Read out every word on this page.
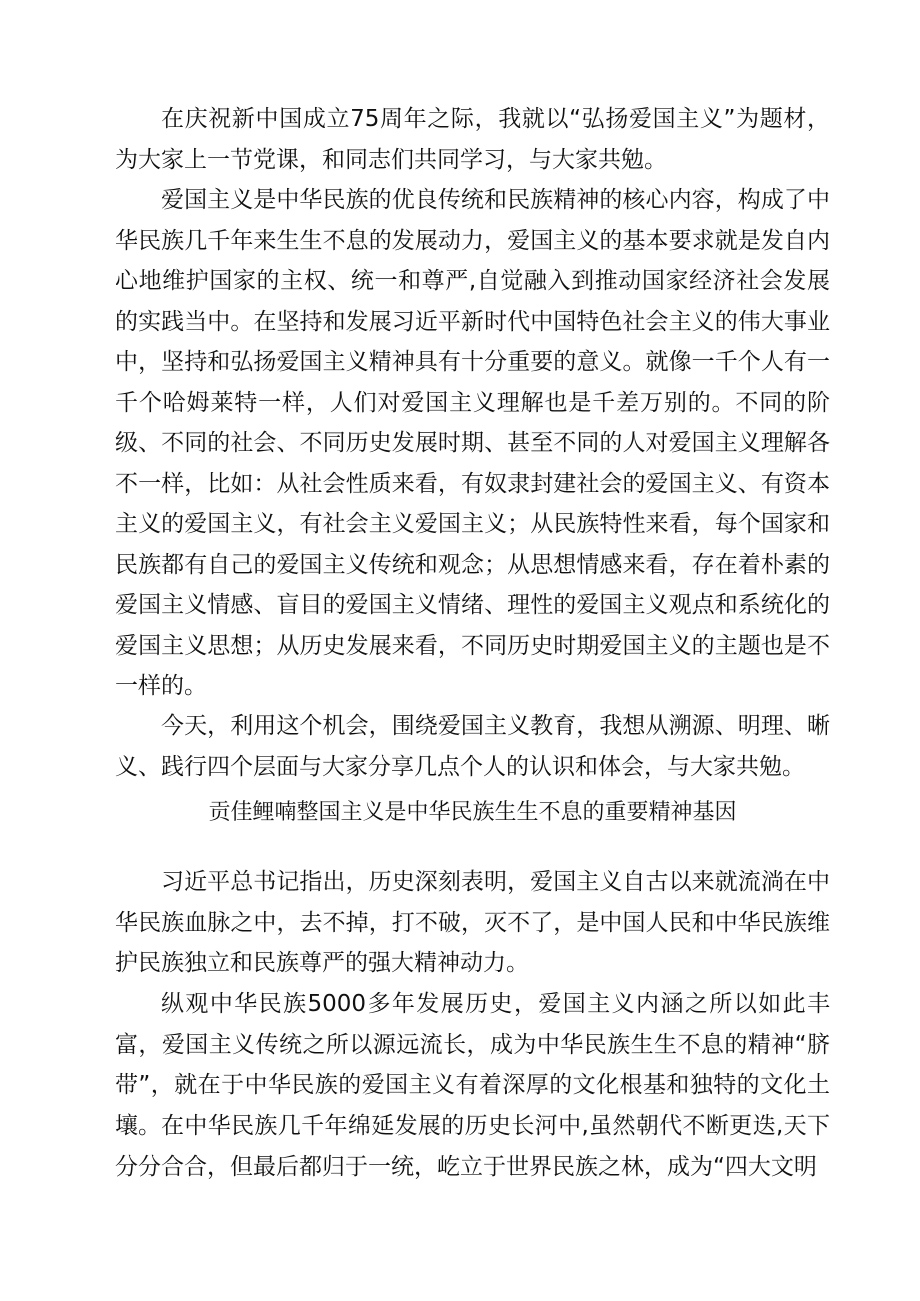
在庆祝新中国成立75周年之际，我就以“弘扬爱国主义”为题材，为大家上一节党课，和同志们共同学习，与大家共勉。

爱国主义是中华民族的优良传统和民族精神的核心内容，构成了中华民族几千年来生生不息的发展动力，爱国主义的基本要求就是发自内心地维护国家的主权、统一和尊严,自觉融入到推动国家经济社会发展的实践当中。在坚持和发展习近平新时代中国特色社会主义的伟大事业中，坚持和弘扬爱国主义精神具有十分重要的意义。就像一千个人有一千个哈姆莱特一样，人们对爱国主义理解也是千差万别的。不同的阶级、不同的社会、不同历史发展时期、甚至不同的人对爱国主义理解各不一样，比如：从社会性质来看，有奴隶封建社会的爱国主义、有资本主义的爱国主义，有社会主义爱国主义；从民族特性来看，每个国家和民族都有自己的爱国主义传统和观念；从思想情感来看，存在着朴素的爱国主义情感、盲目的爱国主义情绪、理性的爱国主义观点和系统化的爱国主义思想；从历史发展来看，不同历史时期爱国主义的主题也是不一样的。

今天，利用这个机会，围绕爱国主义教育，我想从溯源、明理、晰义、践行四个层面与大家分享几点个人的认识和体会，与大家共勉。

贡佳鲤喃整国主义是中华民族生生不息的重要精神基因

习近平总书记指出，历史深刻表明，爱国主义自古以来就流淌在中华民族血脉之中，去不掉，打不破，灭不了，是中国人民和中华民族维护民族独立和民族尊严的强大精神动力。

纵观中华民族5000多年发展历史，爱国主义内涵之所以如此丰富，爱国主义传统之所以源远流长，成为中华民族生生不息的精神“脐带”，就在于中华民族的爱国主义有着深厚的文化根基和独特的文化土壤。 在中华民族几千年绵延发展的历史长河中,虽然朝代不断更迭,天下分分合合，但最后都归于一统，屹立于世界民族之林，成为“四大文明
